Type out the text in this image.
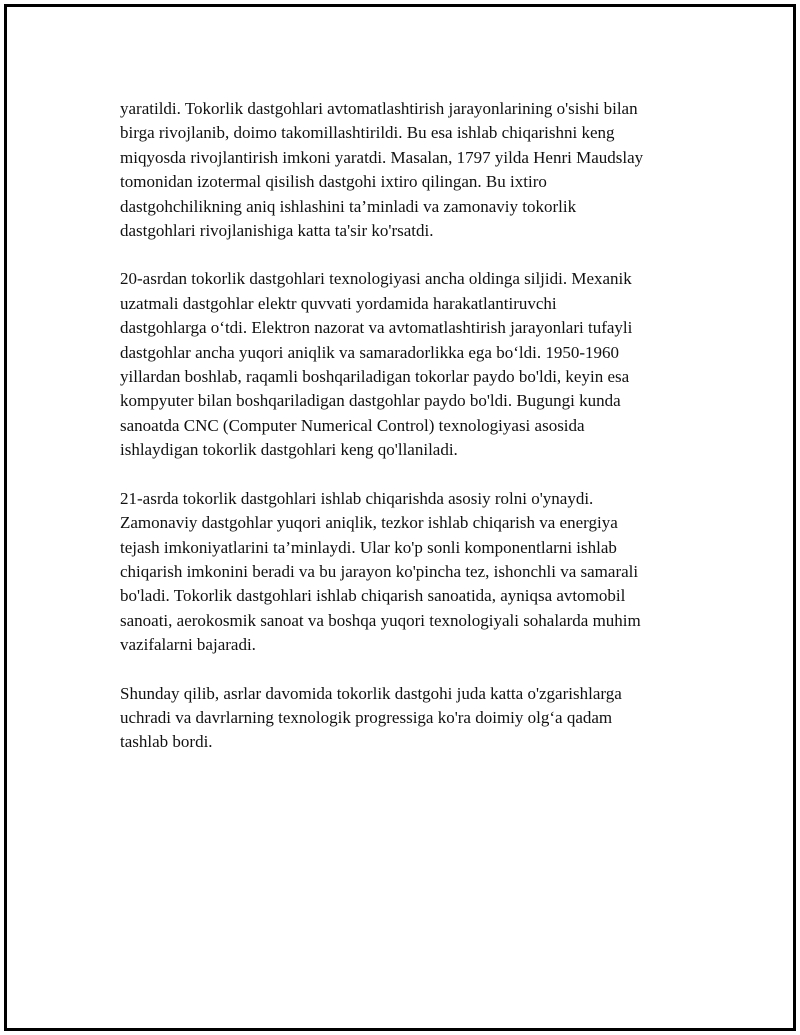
yaratildi. Tokorlik dastgohlari avtomatlashtirish jarayonlarining o'sishi bilan
birga rivojlanib, doimo takomillashtirildi. Bu esa ishlab chiqarishni keng
miqyosda rivojlantirish imkoni yaratdi. Masalan, 1797 yilda Henri Maudslay
tomonidan izotermal qisilish dastgohi ixtiro qilingan. Bu ixtiro
dastgohchilikning aniq ishlashini ta’minladi va zamonaviy tokorlik
dastgohlari rivojlanishiga katta ta'sir ko'rsatdi.

20-asrdan tokorlik dastgohlari texnologiyasi ancha oldinga siljidi. Mexanik
uzatmali dastgohlar elektr quvvati yordamida harakatlantiruvchi
dastgohlarga o‘tdi. Elektron nazorat va avtomatlashtirish jarayonlari tufayli
dastgohlar ancha yuqori aniqlik va samaradorlikka ega bo‘ldi. 1950-1960
yillardan boshlab, raqamli boshqariladigan tokorlar paydo bo'ldi, keyin esa
kompyuter bilan boshqariladigan dastgohlar paydo bo'ldi. Bugungi kunda
sanoatda CNC (Computer Numerical Control) texnologiyasi asosida
ishlaydigan tokorlik dastgohlari keng qo'llaniladi.

21-asrda tokorlik dastgohlari ishlab chiqarishda asosiy rolni o'ynaydi.
Zamonaviy dastgohlar yuqori aniqlik, tezkor ishlab chiqarish va energiya
tejash imkoniyatlarini ta’minlaydi. Ular ko'p sonli komponentlarni ishlab
chiqarish imkonini beradi va bu jarayon ko'pincha tez, ishonchli va samarali
bo'ladi. Tokorlik dastgohlari ishlab chiqarish sanoatida, ayniqsa avtomobil
sanoati, aerokosmik sanoat va boshqa yuqori texnologiyali sohalarda muhim
vazifalarni bajaradi.

Shunday qilib, asrlar davomida tokorlik dastgohi juda katta o'zgarishlarga
uchradi va davrlarning texnologik progressiga ko'ra doimiy olg‘a qadam
tashlab bordi.
